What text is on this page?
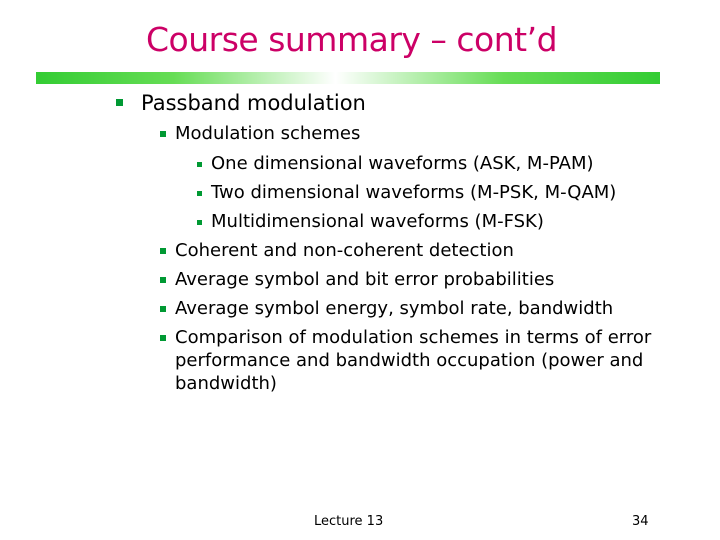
Course summary – cont’d
Passband modulation
Modulation schemes
One dimensional waveforms (ASK, M-PAM)
Two dimensional waveforms (M-PSK, M-QAM)
Multidimensional waveforms (M-FSK)
Coherent and non-coherent detection
Average symbol and bit error probabilities
Average symbol energy, symbol rate, bandwidth
Comparison of modulation schemes in terms of error
performance and bandwidth occupation (power and
bandwidth)
Lecture 13	34
